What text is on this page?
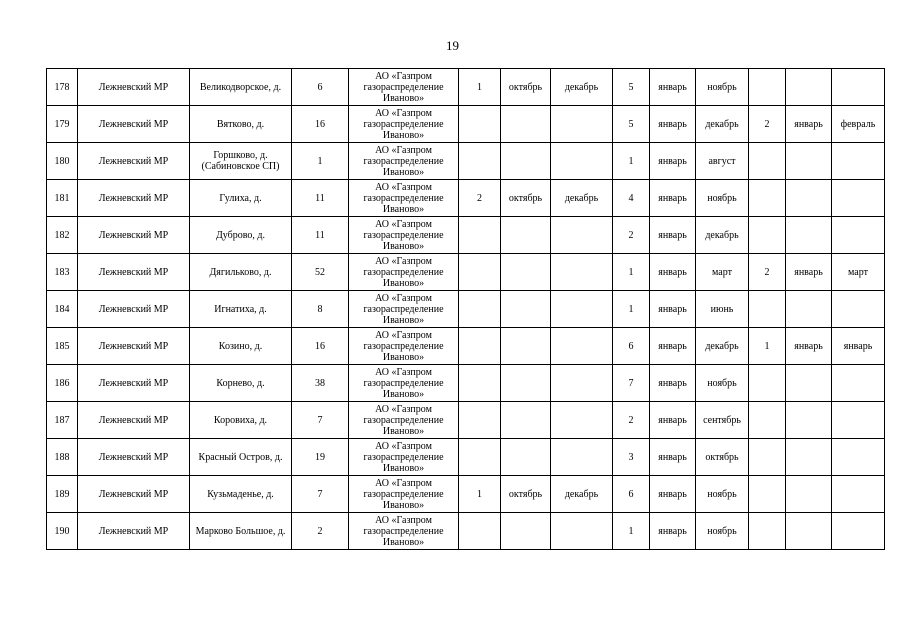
19
178	Лежневский МР	Великодворское, д.	6	АО «Газпром газораспределение Иваново»	1	октябрь	декабрь	5	январь	ноябрь			
179	Лежневский МР	Вятково, д.	16	АО «Газпром газораспределение Иваново»				5	январь	декабрь	2	январь	февраль
180	Лежневский МР	Горшково, д. (Сабиновское СП)	1	АО «Газпром газораспределение Иваново»				1	январь	август			
181	Лежневский МР	Гулиха, д.	11	АО «Газпром газораспределение Иваново»	2	октябрь	декабрь	4	январь	ноябрь			
182	Лежневский МР	Дуброво, д.	11	АО «Газпром газораспределение Иваново»				2	январь	декабрь			
183	Лежневский МР	Дягильково, д.	52	АО «Газпром газораспределение Иваново»				1	январь	март	2	январь	март
184	Лежневский МР	Игнатиха, д.	8	АО «Газпром газораспределение Иваново»				1	январь	июнь			
185	Лежневский МР	Козино, д.	16	АО «Газпром газораспределение Иваново»				6	январь	декабрь	1	январь	январь
186	Лежневский МР	Корнево, д.	38	АО «Газпром газораспределение Иваново»				7	январь	ноябрь			
187	Лежневский МР	Коровиха, д.	7	АО «Газпром газораспределение Иваново»				2	январь	сентябрь			
188	Лежневский МР	Красный Остров, д.	19	АО «Газпром газораспределение Иваново»				3	январь	октябрь			
189	Лежневский МР	Кузьмаденье, д.	7	АО «Газпром газораспределение Иваново»	1	октябрь	декабрь	6	январь	ноябрь			
190	Лежневский МР	Марково Большое, д.	2	АО «Газпром газораспределение Иваново»				1	январь	ноябрь			
